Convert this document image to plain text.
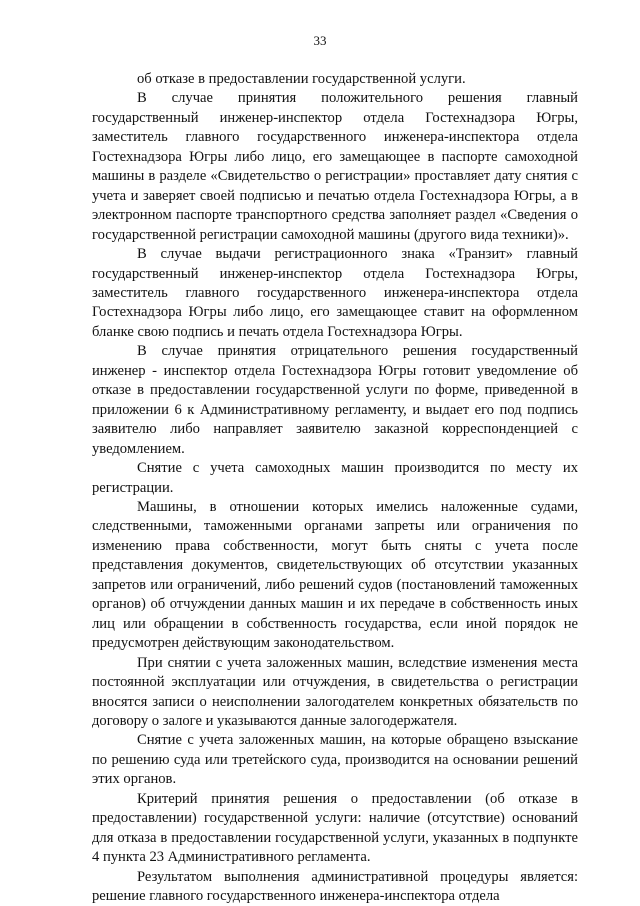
33

об отказе в предоставлении государственной услуги.

В случае принятия положительного решения главный государственный инженер-инспектор отдела Гостехнадзора Югры, заместитель главного государственного инженера-инспектора отдела Гостехнадзора Югры либо лицо, его замещающее в паспорте самоходной машины в разделе «Свидетельство о регистрации» проставляет дату снятия с учета и заверяет своей подписью и печатью отдела Гостехнадзора Югры, а в электронном паспорте транспортного средства заполняет раздел «Сведения о государственной регистрации самоходной машины (другого вида техники)».

В случае выдачи регистрационного знака «Транзит» главный государственный инженер-инспектор отдела Гостехнадзора Югры, заместитель главного государственного инженера-инспектора отдела Гостехнадзора Югры либо лицо, его замещающее ставит на оформленном бланке свою подпись и печать отдела Гостехнадзора Югры.

В случае принятия отрицательного решения государственный инженер - инспектор отдела Гостехнадзора Югры готовит уведомление об отказе в предоставлении государственной услуги по форме, приведенной в приложении 6 к Административному регламенту, и выдает его под подпись заявителю либо направляет заявителю заказной корреспонденцией с уведомлением.

Снятие с учета самоходных машин производится по месту их регистрации.

Машины, в отношении которых имелись наложенные судами, следственными, таможенными органами запреты или ограничения по изменению права собственности, могут быть сняты с учета после представления документов, свидетельствующих об отсутствии указанных запретов или ограничений, либо решений судов (постановлений таможенных органов) об отчуждении данных машин и их передаче в собственность иных лиц или обращении в собственность государства, если иной порядок не предусмотрен действующим законодательством.

При снятии с учета заложенных машин, вследствие изменения места постоянной эксплуатации или отчуждения, в свидетельства о регистрации вносятся записи о неисполнении залогодателем конкретных обязательств по договору о залоге и указываются данные залогодержателя.

Снятие с учета заложенных машин, на которые обращено взыскание по решению суда или третейского суда, производится на основании решений этих органов.

Критерий принятия решения о предоставлении (об отказе в предоставлении) государственной услуги: наличие (отсутствие) оснований для отказа в предоставлении государственной услуги, указанных в подпункте 4 пункта 23 Административного регламента.

Результатом выполнения административной процедуры является: решение главного государственного инженера-инспектора отдела
